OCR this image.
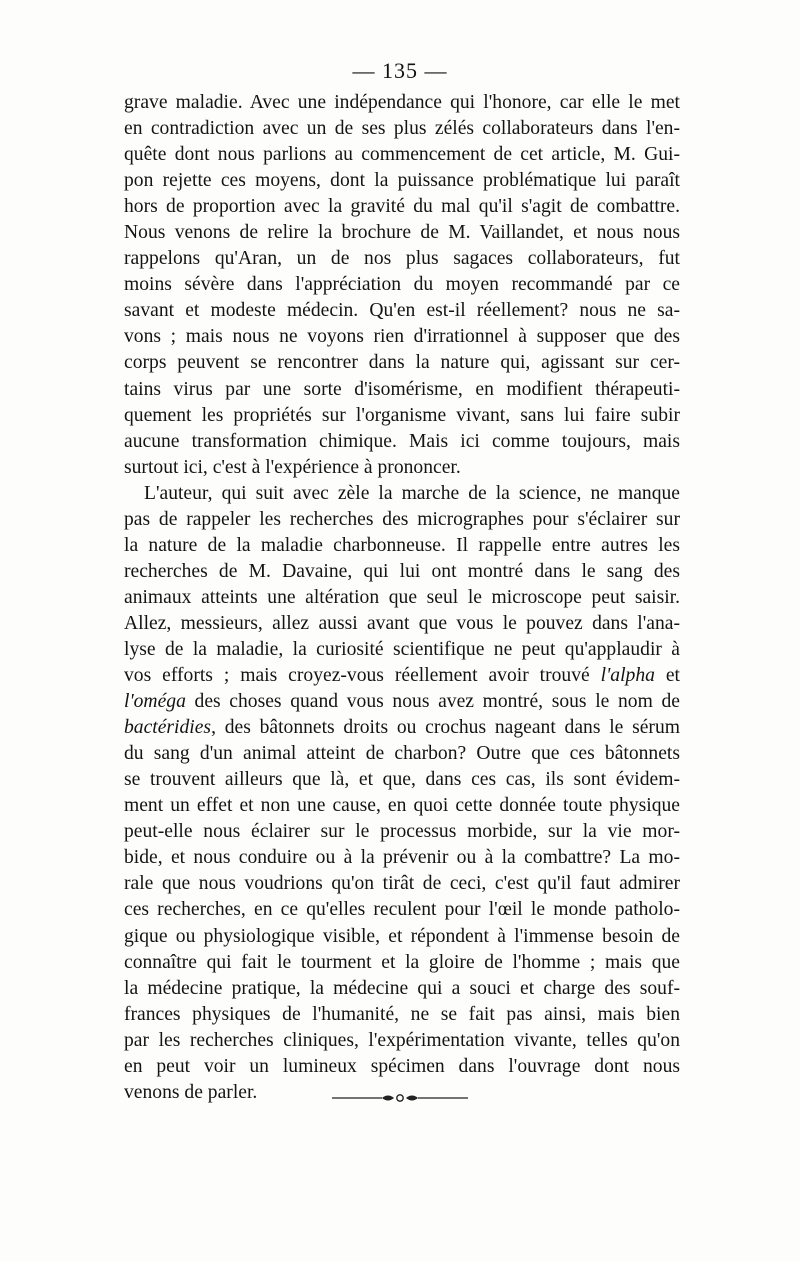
— 135 —
grave maladie. Avec une indépendance qui l'honore, car elle le met
en contradiction avec un de ses plus zélés collaborateurs dans l'en-
quête dont nous parlions au commencement de cet article, M. Gui-
pon rejette ces moyens, dont la puissance problématique lui paraît
hors de proportion avec la gravité du mal qu'il s'agit de combattre.
Nous venons de relire la brochure de M. Vaillandet, et nous nous
rappelons qu'Aran, un de nos plus sagaces collaborateurs, fut
moins sévère dans l'appréciation du moyen recommandé par ce
savant et modeste médecin. Qu'en est-il réellement? nous ne sa-
vons ; mais nous ne voyons rien d'irrationnel à supposer que des
corps peuvent se rencontrer dans la nature qui, agissant sur cer-
tains virus par une sorte d'isomérisme, en modifient thérapeuti-
quement les propriétés sur l'organisme vivant, sans lui faire subir
aucune transformation chimique. Mais ici comme toujours, mais
surtout ici, c'est à l'expérience à prononcer.
L'auteur, qui suit avec zèle la marche de la science, ne manque
pas de rappeler les recherches des micrographes pour s'éclairer sur
la nature de la maladie charbonneuse. Il rappelle entre autres les
recherches de M. Davaine, qui lui ont montré dans le sang des
animaux atteints une altération que seul le microscope peut saisir.
Allez, messieurs, allez aussi avant que vous le pouvez dans l'ana-
lyse de la maladie, la curiosité scientifique ne peut qu'applaudir à
vos efforts ; mais croyez-vous réellement avoir trouvé l'alpha et
l'oméga des choses quand vous nous avez montré, sous le nom de
bactéridies, des bâtonnets droits ou crochus nageant dans le sérum
du sang d'un animal atteint de charbon? Outre que ces bâtonnets
se trouvent ailleurs que là, et que, dans ces cas, ils sont évidem-
ment un effet et non une cause, en quoi cette donnée toute physique
peut-elle nous éclairer sur le processus morbide, sur la vie mor-
bide, et nous conduire ou à la prévenir ou à la combattre? La mo-
rale que nous voudrions qu'on tirât de ceci, c'est qu'il faut admirer
ces recherches, en ce qu'elles reculent pour l'œil le monde patholo-
gique ou physiologique visible, et répondent à l'immense besoin de
connaître qui fait le tourment et la gloire de l'homme ; mais que
la médecine pratique, la médecine qui a souci et charge des souf-
frances physiques de l'humanité, ne se fait pas ainsi, mais bien
par les recherches cliniques, l'expérimentation vivante, telles qu'on
en peut voir un lumineux spécimen dans l'ouvrage dont nous
venons de parler.
